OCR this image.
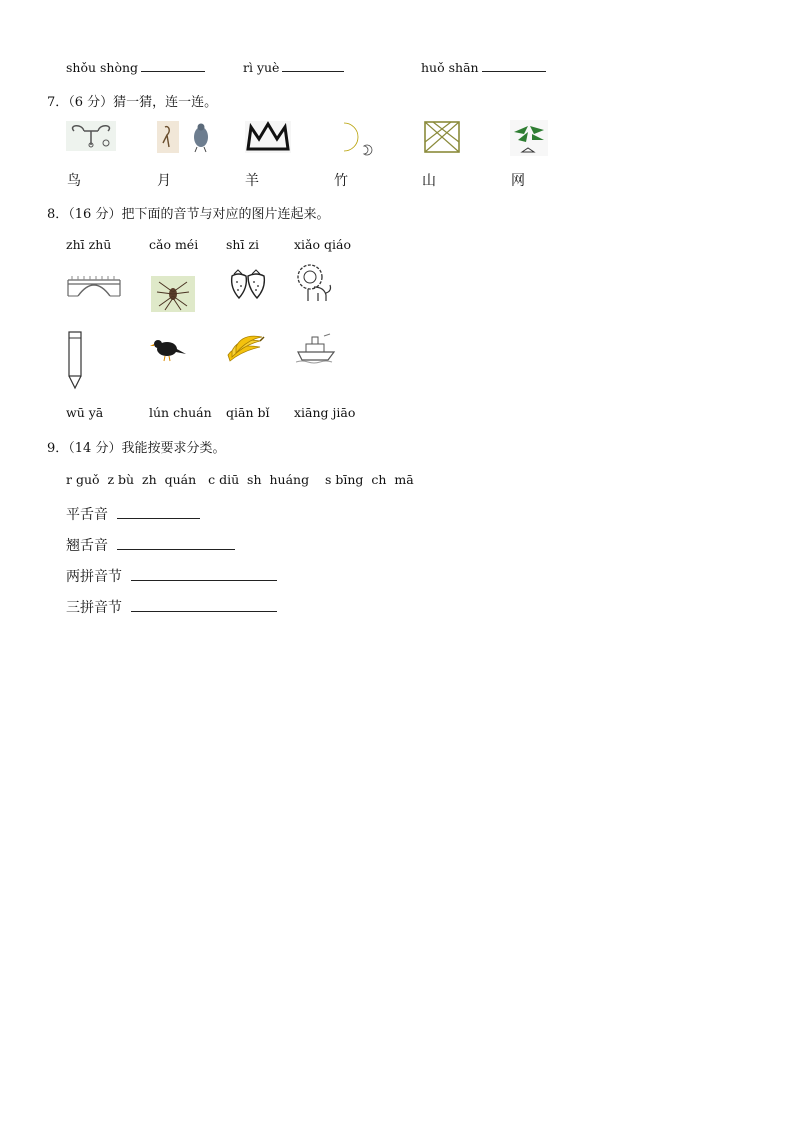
shǒu shòng	rì yuè	huǒ shān
7．（6 分）猜一猜，连一连。
鸟	月	羊	竹	山	网
8．（16 分）把下面的音节与对应的图片连起来。
zhī zhū	cǎo méi shī zi	xiǎo qiáo
wū yā	lún chuán qiān bǐ xiāng jiāo
9．（14 分）我能按要求分类。
r guǒ  z bù  zh  quán   c diū  sh  huáng    s bīng  ch  mā
平舌音
翘舌音
两拼音节
三拼音节
